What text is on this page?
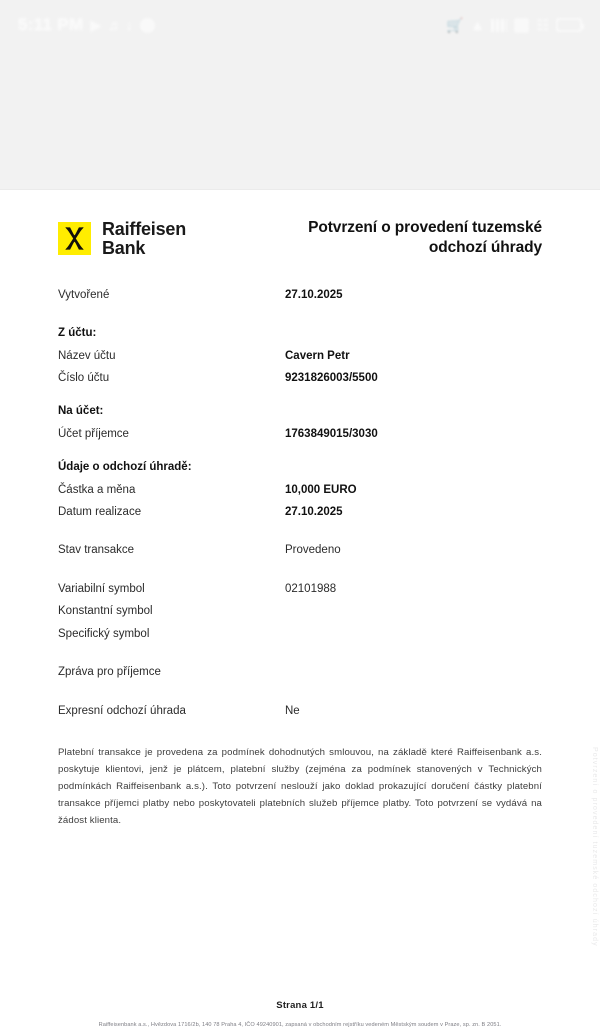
5:11 PM ▶ ♫ ↓	🛒 ▲	☷
Raiffeisen
Bank
Potvrzení o provedení tuzemské odchozí úhrady
Vytvořené	27.10.2025
Z účtu:
Název účtu	Cavern Petr
Číslo účtu	9231826003/5500
Na účet:
Účet příjemce	1763849015/3030
Údaje o odchozí úhradě:
Částka a měna	10,000 EURO
Datum realizace	27.10.2025
Stav transakce	Provedeno
Variabilní symbol	02101988
Konstantní symbol
Specifický symbol
Zpráva pro příjemce
Expresní odchozí úhrada	Ne

Platební transakce je provedena za podmínek dohodnutých smlouvou, na základě které Raiffeisenbank a.s. poskytuje klientovi, jenž je plátcem, platební služby (zejména za podmínek stanovených v Technických podmínkách Raiffeisenbank a.s.). Toto potvrzení neslouží jako doklad prokazující doručení částky platební transakce příjemci platby nebo poskytovateli platebních služeb příjemce platby. Toto potvrzení se vydává na žádost klienta.	Potvrzení o provedení tuzemské odchozí úhrady
Strana 1/1
Raiffeisenbank a.s., Hvězdova 1716/2b, 140 78 Praha 4, IČO 49240901, zapsaná v obchodním rejstříku vedeném Městským soudem v Praze, sp. zn. B 2051.
